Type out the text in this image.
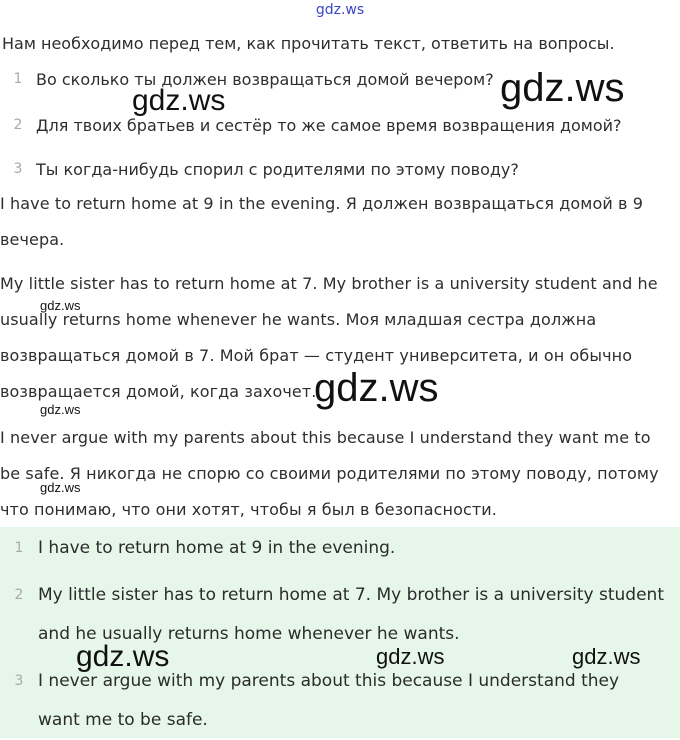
gdz.ws
Нам необходимо перед тем, как прочитать текст, ответить на вопросы.
1 Во сколько ты должен возвращаться домой вечером?
2 Для твоих братьев и сестёр то же самое время возвращения домой?
3 Ты когда-нибудь спорил с родителями по этому поводу?
I have to return home at 9 in the evening. Я должен возвращаться домой в 9
вечера.
My little sister has to return home at 7. My brother is a university student and he
usually returns home whenever he wants. Моя младшая сестра должна
возвращаться домой в 7. Мой брат — студент университета, и он обычно
возвращается домой, когда захочет.
I never argue with my parents about this because I understand they want me to
be safe. Я никогда не спорю со своими родителями по этому поводу, потому
что понимаю, что они хотят, чтобы я был в безопасности.
1 I have to return home at 9 in the evening.
2 My little sister has to return home at 7. My brother is a university student
and he usually returns home whenever he wants.
3 I never argue with my parents about this because I understand they
want me to be safe.
gdz.ws
gdz.ws
gdz.ws
gdz.ws
gdz.ws
gdz.ws
gdz.ws	gdz.ws	gdz.ws
